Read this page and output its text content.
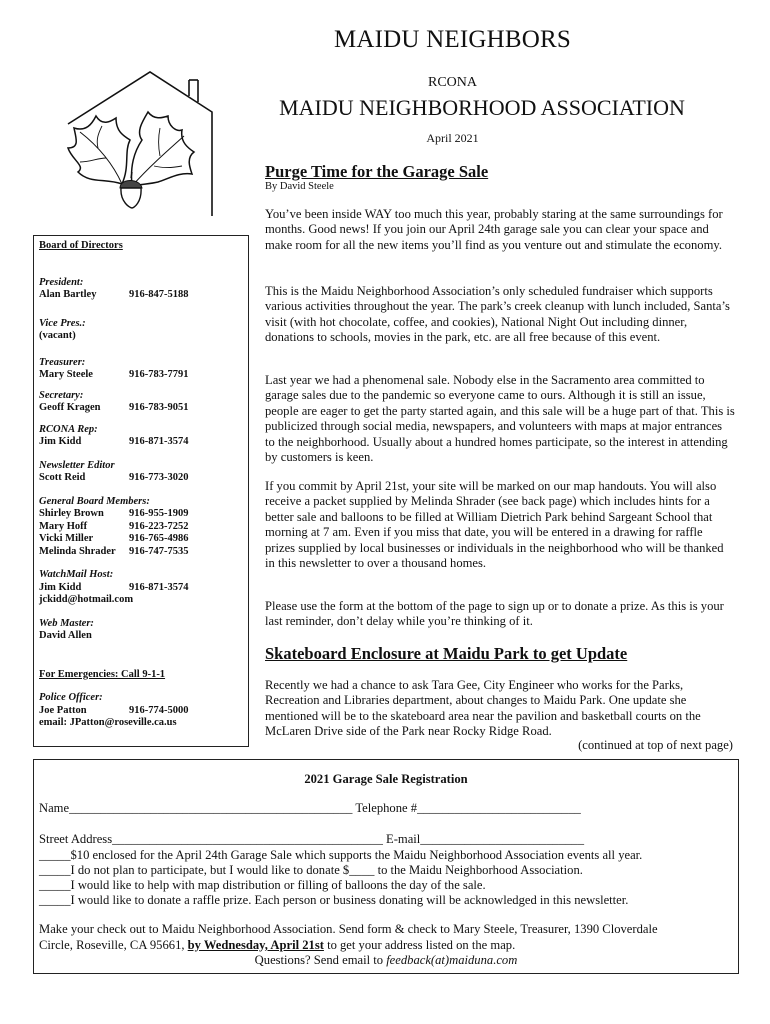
MAIDU NEIGHBORS
RCONA
MAIDU NEIGHBORHOOD ASSOCIATION
April 2021
Board of Directors
President:
Alan Bartley	916-847-5188
Vice Pres.:
(vacant)
Treasurer:
Mary Steele	916-783-7791
Secretary:
Geoff Kragen	916-783-9051
RCONA Rep:
Jim Kidd	916-871-3574
Newsletter Editor
Scott Reid	916-773-3020
General Board Members:
Shirley Brown	916-955-1909
Mary Hoff	916-223-7252
Vicki Miller	916-765-4986
Melinda Shrader	916-747-7535
WatchMail Host:
Jim Kidd	916-871-3574
jckidd@hotmail.com
Web Master:
David Allen
For Emergencies: Call 9-1-1
Police Officer:
Joe Patton	916-774-5000
email: JPatton@roseville.ca.us
Purge Time for the Garage Sale
By David Steele

You’ve been inside WAY too much this year, probably staring at the same surroundings for months. Good news! If you join our April 24th garage sale you can clear your space and make room for all the new items you’ll find as you venture out and stimulate the economy.

This is the Maidu Neighborhood Association’s only scheduled fundraiser which supports various activities throughout the year. The park’s creek cleanup with lunch included, Santa’s visit (with hot chocolate, coffee, and cookies), National Night Out including dinner, donations to schools, movies in the park, etc. are all free because of this event.

Last year we had a phenomenal sale. Nobody else in the Sacramento area committed to garage sales due to the pandemic so everyone came to ours. Although it is still an issue, people are eager to get the party started again, and this sale will be a huge part of that. This is publicized through social media, newspapers, and volunteers with maps at major entrances to the neighborhood. Usually about a hundred homes participate, so the interest in attending by customers is keen.

If you commit by April 21st, your site will be marked on our map handouts. You will also receive a packet supplied by Melinda Shrader (see back page) which includes hints for a better sale and balloons to be filled at William Dietrich Park behind Sargeant School that morning at 7 am. Even if you miss that date, you will be entered in a drawing for raffle prizes supplied by local businesses or individuals in the neighborhood who will be thanked in this newsletter to over a thousand homes.

Please use the form at the bottom of the page to sign up or to donate a prize. As this is your last reminder, don’t delay while you’re thinking of it.

Skateboard Enclosure at Maidu Park to get Update

Recently we had a chance to ask Tara Gee, City Engineer who works for the Parks, Recreation and Libraries department, about changes to Maidu Park. One update she mentioned will be to the skateboard area near the pavilion and basketball courts on the McLaren Drive side of the Park near Rocky Ridge Road.

(continued at top of next page)
2021 Garage Sale Registration
Name_____________________________________________ Telephone #__________________________
Street Address___________________________________________ E-mail__________________________
_____$10 enclosed for the April 24th Garage Sale which supports the Maidu Neighborhood Association events all year.
_____I do not plan to participate, but I would like to donate $____ to the Maidu Neighborhood Association.
_____I would like to help with map distribution or filling of balloons the day of the sale.
_____I would like to donate a raffle prize. Each person or business donating will be acknowledged in this newsletter.
Make your check out to Maidu Neighborhood Association. Send form & check to Mary Steele, Treasurer, 1390 Cloverdale
Circle, Roseville, CA 95661, by Wednesday, April 21st to get your address listed on the map.
Questions? Send email to feedback(at)maiduna.com
